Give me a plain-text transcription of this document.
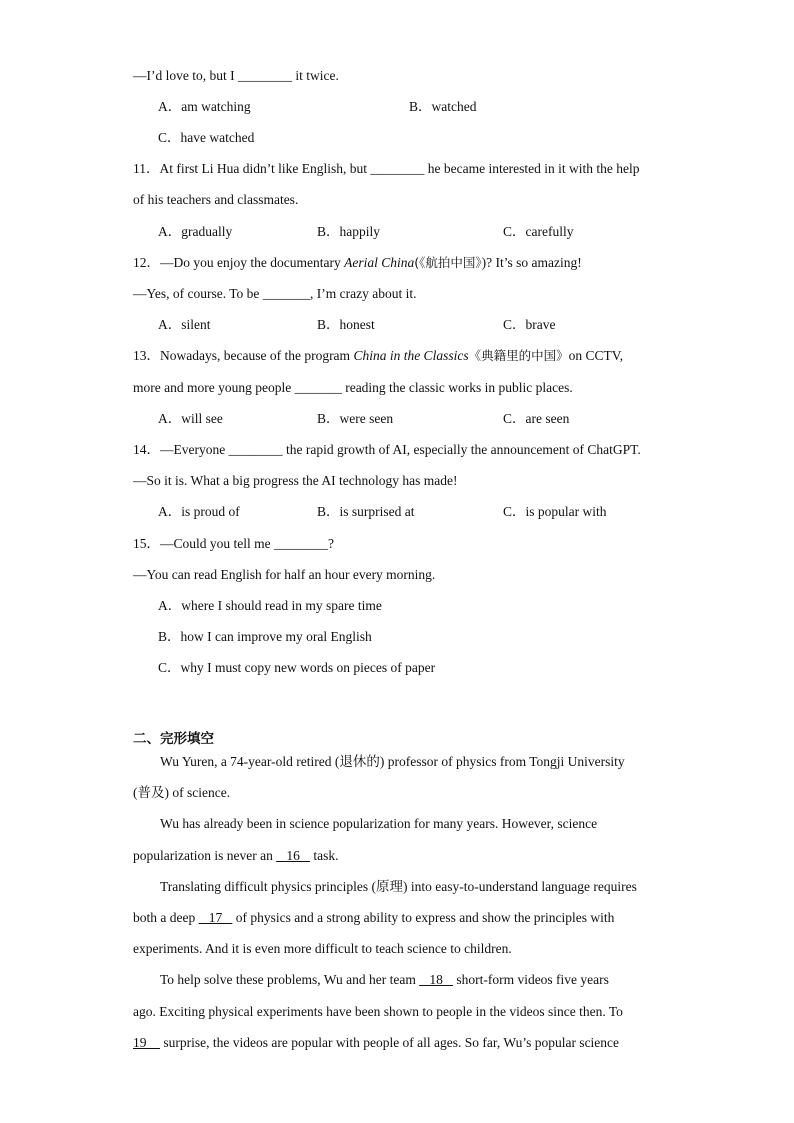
—I’d love to, but I ________ it twice.
A．am watching	B．watched
C．have watched
11．At first Li Hua didn’t like English, but ________ he became interested in it with the help
of his teachers and classmates.
A．gradually	B．happily	C．carefully
12．—Do you enjoy the documentary Aerial China(《航拍中国》)? It’s so amazing!
—Yes, of course. To be _______, I’m crazy about it.
A．silent	B．honest	C．brave
13．Nowadays, because of the program China in the Classics《典籍里的中国》on CCTV,
more and more young people _______ reading the classic works in public places.
A．will see	B．were seen	C．are seen
14．—Everyone ________ the rapid growth of AI, especially the announcement of ChatGPT.
—So it is. What a big progress the AI technology has made!
A．is proud of	B．is surprised at	C．is popular with
15．—Could you tell me ________?
—You can read English for half an hour every morning.
A．where I should read in my spare time
B．how I can improve my oral English
C．why I must copy new words on pieces of paper
二、完形填空
Wu Yuren, a 74-year-old retired (退休的) professor of physics from Tongji University
(普及) of science.
Wu has already been in science popularization for many years. However, science
popularization is never an    16    task.
Translating difficult physics principles (原理) into easy-to-understand language requires
both a deep    17    of physics and a strong ability to express and show the principles with
experiments. And it is even more difficult to teach science to children.
To help solve these problems, Wu and her team    18    short-form videos five years
ago. Exciting physical experiments have been shown to people in the videos since then. To
19     surprise, the videos are popular with people of all ages. So far, Wu’s popular science
